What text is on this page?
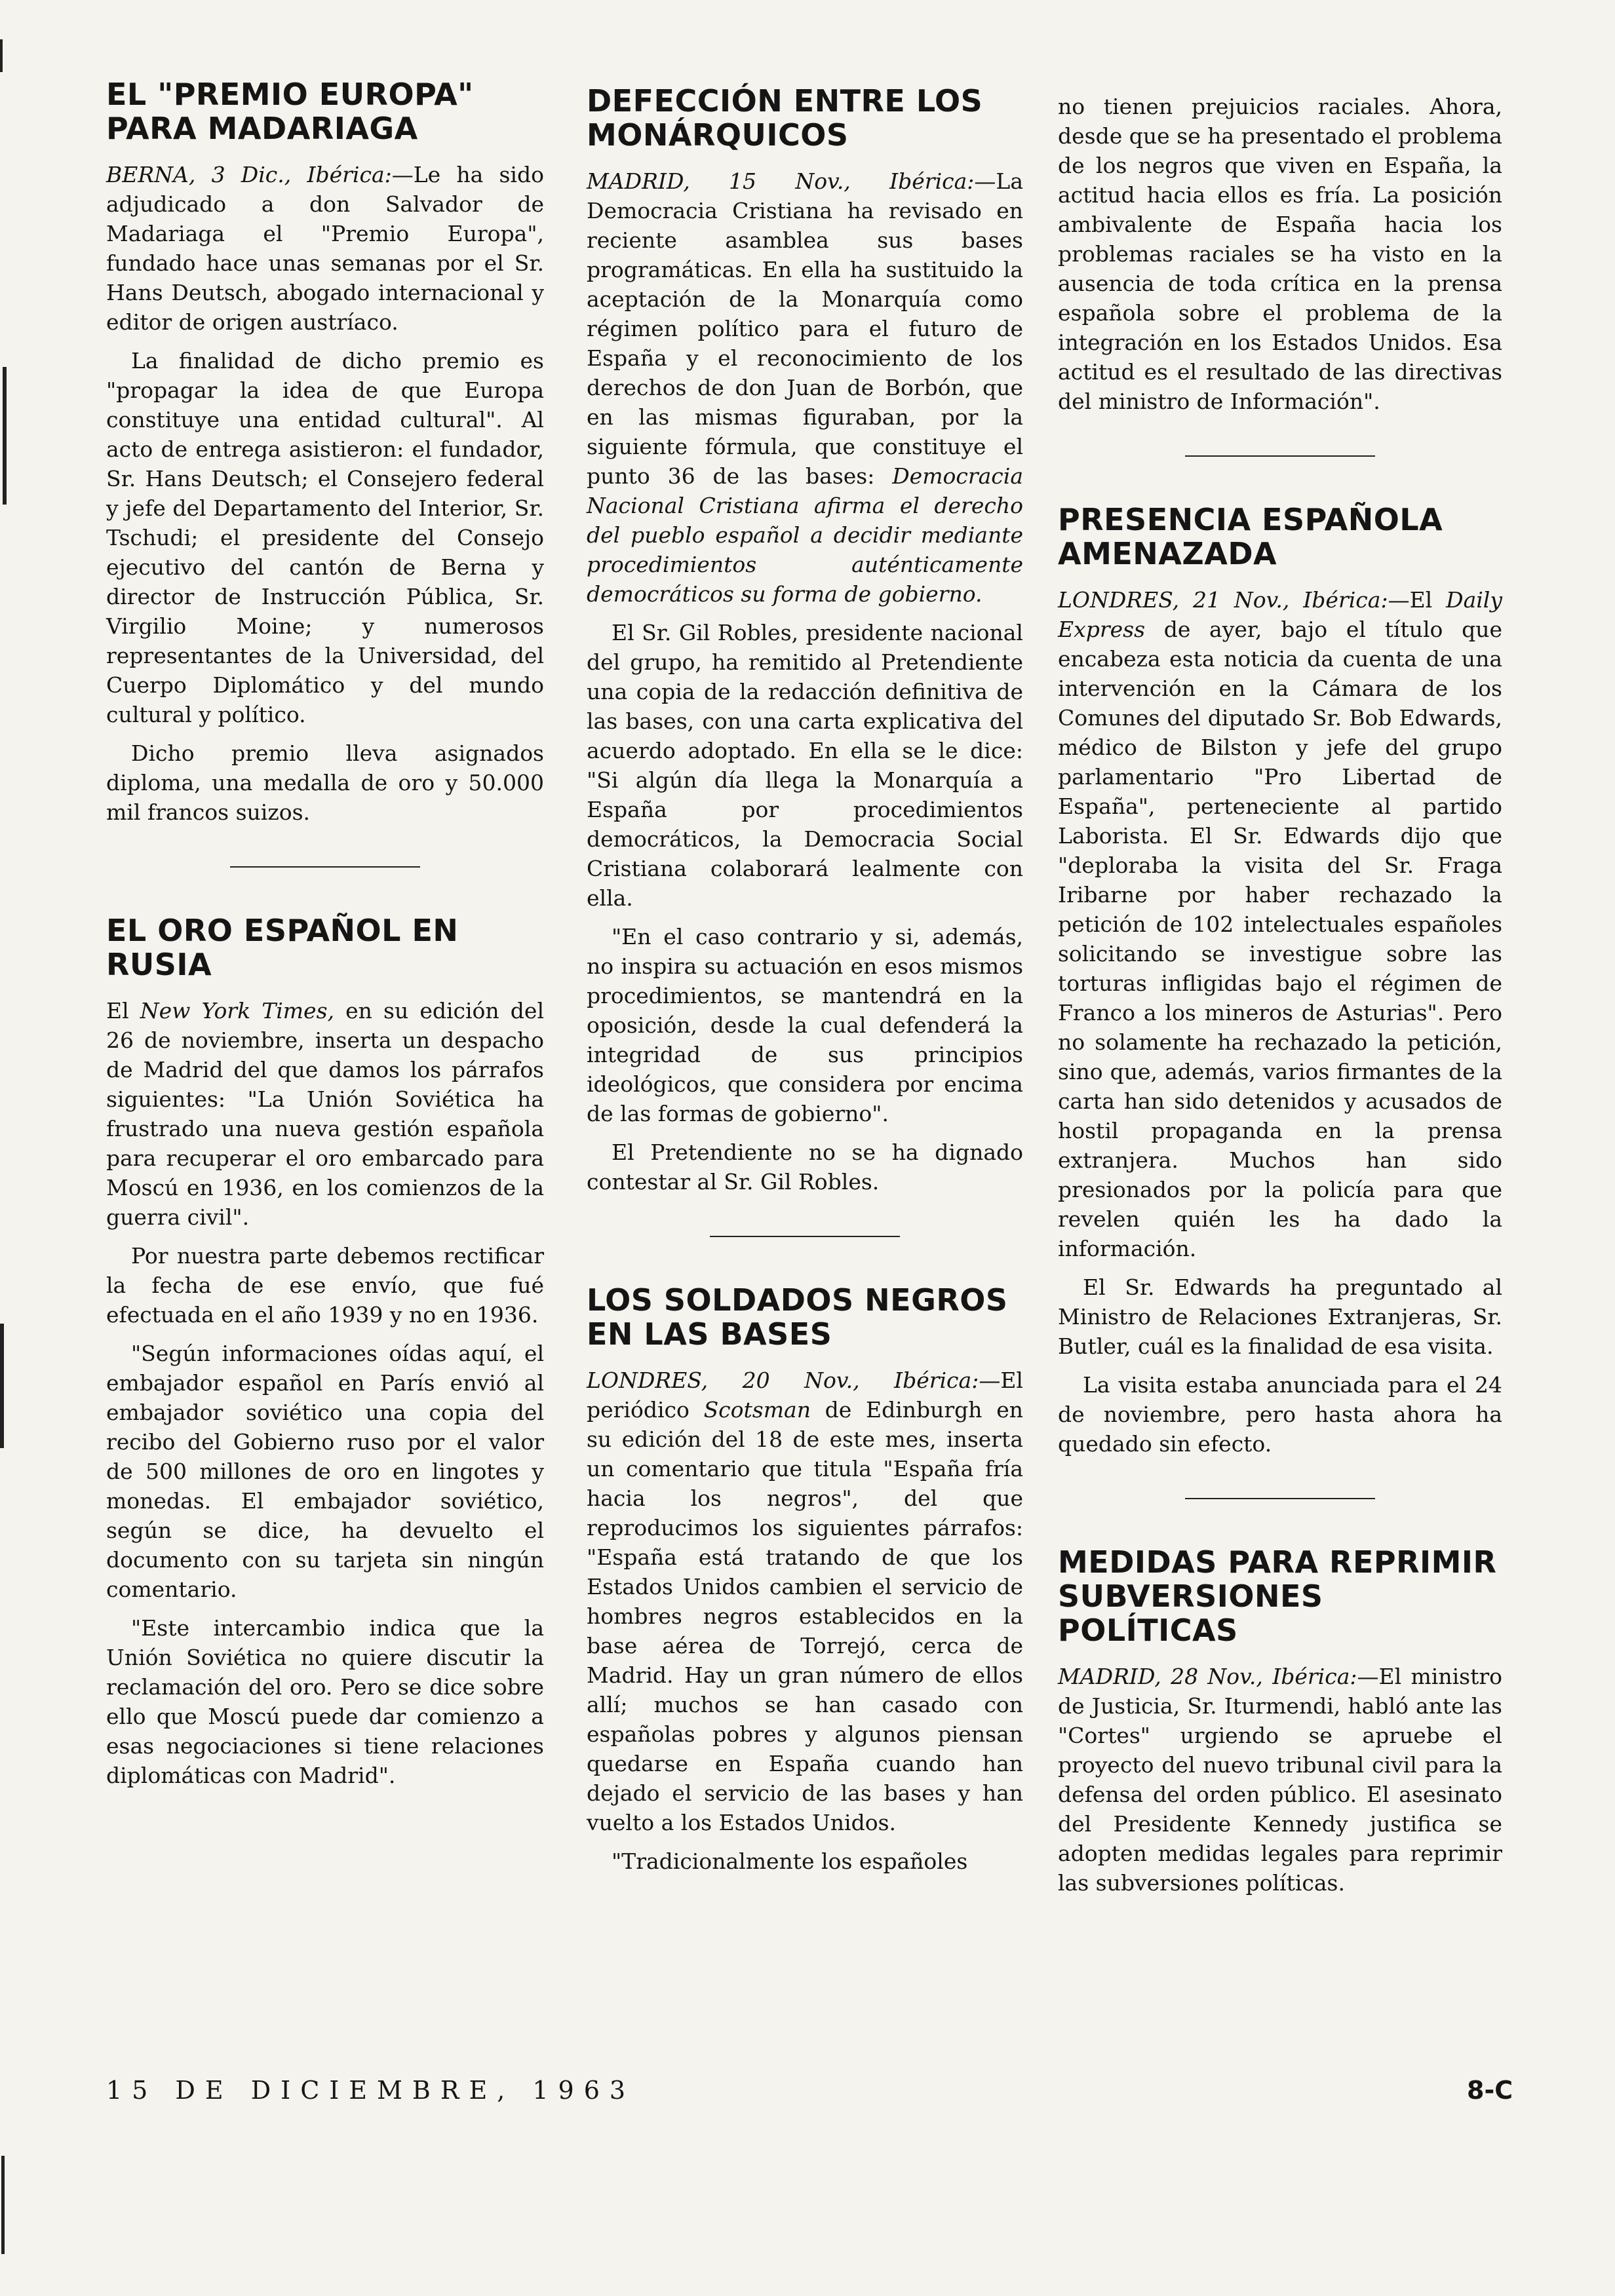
EL "PREMIO EUROPA" PARA MADARIAGA

BERNA, 3 Dic., Ibérica:—Le ha sido adjudicado a don Salvador de Madariaga el "Premio Europa", fundado hace unas semanas por el Sr. Hans Deutsch, abogado internacional y editor de origen austríaco.

La finalidad de dicho premio es "propagar la idea de que Europa constituye una entidad cultural". Al acto de entrega asistieron: el fundador, Sr. Hans Deutsch; el Consejero federal y jefe del Departamento del Interior, Sr. Tschudi; el presidente del Consejo ejecutivo del cantón de Berna y director de Instrucción Pública, Sr. Virgilio Moine; y numerosos representantes de la Universidad, del Cuerpo Diplomático y del mundo cultural y político.

Dicho premio lleva asignados diploma, una medalla de oro y 50.000 mil francos suizos.

EL ORO ESPAÑOL EN RUSIA

El New York Times, en su edición del 26 de noviembre, inserta un despacho de Madrid del que damos los párrafos siguientes: "La Unión Soviética ha frustrado una nueva gestión española para recuperar el oro embarcado para Moscú en 1936, en los comienzos de la guerra civil".

Por nuestra parte debemos rectificar la fecha de ese envío, que fué efectuada en el año 1939 y no en 1936.

"Según informaciones oídas aquí, el embajador español en París envió al embajador soviético una copia del recibo del Gobierno ruso por el valor de 500 millones de oro en lingotes y monedas. El embajador soviético, según se dice, ha devuelto el documento con su tarjeta sin ningún comentario.

"Este intercambio indica que la Unión Soviética no quiere discutir la reclamación del oro. Pero se dice sobre ello que Moscú puede dar comienzo a esas negociaciones si tiene relaciones diplomáticas con Madrid".

DEFECCIÓN ENTRE LOS MONÁRQUICOS

MADRID, 15 Nov., Ibérica:—La Democracia Cristiana ha revisado en reciente asamblea sus bases programáticas. En ella ha sustituido la aceptación de la Monarquía como régimen político para el futuro de España y el reconocimiento de los derechos de don Juan de Borbón, que en las mismas figuraban, por la siguiente fórmula, que constituye el punto 36 de las bases: Democracia Nacional Cristiana afirma el derecho del pueblo español a decidir mediante procedimientos auténticamente democráticos su forma de gobierno.

El Sr. Gil Robles, presidente nacional del grupo, ha remitido al Pretendiente una copia de la redacción definitiva de las bases, con una carta explicativa del acuerdo adoptado. En ella se le dice: "Si algún día llega la Monarquía a España por procedimientos democráticos, la Democracia Social Cristiana colaborará lealmente con ella.

"En el caso contrario y si, además, no inspira su actuación en esos mismos procedimientos, se mantendrá en la oposición, desde la cual defenderá la integridad de sus principios ideológicos, que considera por encima de las formas de gobierno".

El Pretendiente no se ha dignado contestar al Sr. Gil Robles.

LOS SOLDADOS NEGROS EN LAS BASES

LONDRES, 20 Nov., Ibérica:—El periódico Scotsman de Edinburgh en su edición del 18 de este mes, inserta un comentario que titula "España fría hacia los negros", del que reproducimos los siguientes párrafos: "España está tratando de que los Estados Unidos cambien el servicio de hombres negros establecidos en la base aérea de Torrejó, cerca de Madrid. Hay un gran número de ellos allí; muchos se han casado con españolas pobres y algunos piensan quedarse en España cuando han dejado el servicio de las bases y han vuelto a los Estados Unidos.

"Tradicionalmente los españoles

no tienen prejuicios raciales. Ahora, desde que se ha presentado el problema de los negros que viven en España, la actitud hacia ellos es fría. La posición ambivalente de España hacia los problemas raciales se ha visto en la ausencia de toda crítica en la prensa española sobre el problema de la integración en los Estados Unidos. Esa actitud es el resultado de las directivas del ministro de Información".

PRESENCIA ESPAÑOLA AMENAZADA

LONDRES, 21 Nov., Ibérica:—El Daily Express de ayer, bajo el título que encabeza esta noticia da cuenta de una intervención en la Cámara de los Comunes del diputado Sr. Bob Edwards, médico de Bilston y jefe del grupo parlamentario "Pro Libertad de España", perteneciente al partido Laborista. El Sr. Edwards dijo que "deploraba la visita del Sr. Fraga Iribarne por haber rechazado la petición de 102 intelectuales españoles solicitando se investigue sobre las torturas infligidas bajo el régimen de Franco a los mineros de Asturias". Pero no solamente ha rechazado la petición, sino que, además, varios firmantes de la carta han sido detenidos y acusados de hostil propaganda en la prensa extranjera. Muchos han sido presionados por la policía para que revelen quién les ha dado la información.

El Sr. Edwards ha preguntado al Ministro de Relaciones Extranjeras, Sr. Butler, cuál es la finalidad de esa visita.

La visita estaba anunciada para el 24 de noviembre, pero hasta ahora ha quedado sin efecto.

MEDIDAS PARA REPRIMIR SUBVERSIONES POLÍTICAS

MADRID, 28 Nov., Ibérica:—El ministro de Justicia, Sr. Iturmendi, habló ante las "Cortes" urgiendo se apruebe el proyecto del nuevo tribunal civil para la defensa del orden público. El asesinato del Presidente Kennedy justifica se adopten medidas legales para reprimir las subversiones políticas.

15 DE DICIEMBRE, 1963	8-C
